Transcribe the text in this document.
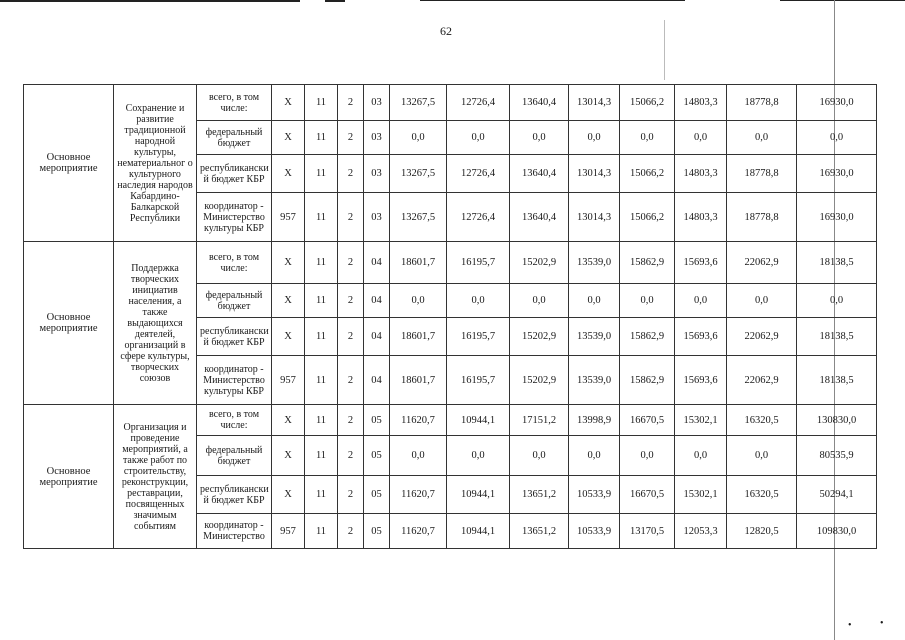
62
Основное мероприятие	Сохранение и развитие традиционной народной культуры, нематериальног о культурного наследия народов Кабардино-Балкарской Республики	всего, в том числе:	Х	11	2	03	13267,5	12726,4	13640,4	13014,3	15066,2	14803,3	18778,8	16930,0
		федеральный бюджет	Х	11	2	03	0,0	0,0	0,0	0,0	0,0	0,0	0,0	0,0
		республикански й бюджет КБР	Х	11	2	03	13267,5	12726,4	13640,4	13014,3	15066,2	14803,3	18778,8	16930,0
		координатор - Министерство культуры КБР	957	11	2	03	13267,5	12726,4	13640,4	13014,3	15066,2	14803,3	18778,8	16930,0
Основное мероприятие	Поддержка творческих инициатив населения, а также выдающихся деятелей, организаций в сфере культуры, творческих союзов	всего, в том числе:	Х	11	2	04	18601,7	16195,7	15202,9	13539,0	15862,9	15693,6	22062,9	18138,5
		федеральный бюджет	Х	11	2	04	0,0	0,0	0,0	0,0	0,0	0,0	0,0	0,0
		республикански й бюджет КБР	Х	11	2	04	18601,7	16195,7	15202,9	13539,0	15862,9	15693,6	22062,9	18138,5
		координатор - Министерство культуры КБР	957	11	2	04	18601,7	16195,7	15202,9	13539,0	15862,9	15693,6	22062,9	18138,5
Основное мероприятие	Организация и проведение мероприятий, а также работ по строительству, реконструкции, реставрации, посвященных значимым событиям	всего, в том числе:	Х	11	2	05	11620,7	10944,1	17151,2	13998,9	16670,5	15302,1	16320,5	130830,0
		федеральный бюджет	Х	11	2	05	0,0	0,0	0,0	0,0	0,0	0,0	0,0	80535,9
		республикански й бюджет КБР	Х	11	2	05	11620,7	10944,1	13651,2	10533,9	16670,5	15302,1	16320,5	50294,1
		координатор - Министерство	957	11	2	05	11620,7	10944,1	13651,2	10533,9	13170,5	12053,3	12820,5	109830,0
•	•
